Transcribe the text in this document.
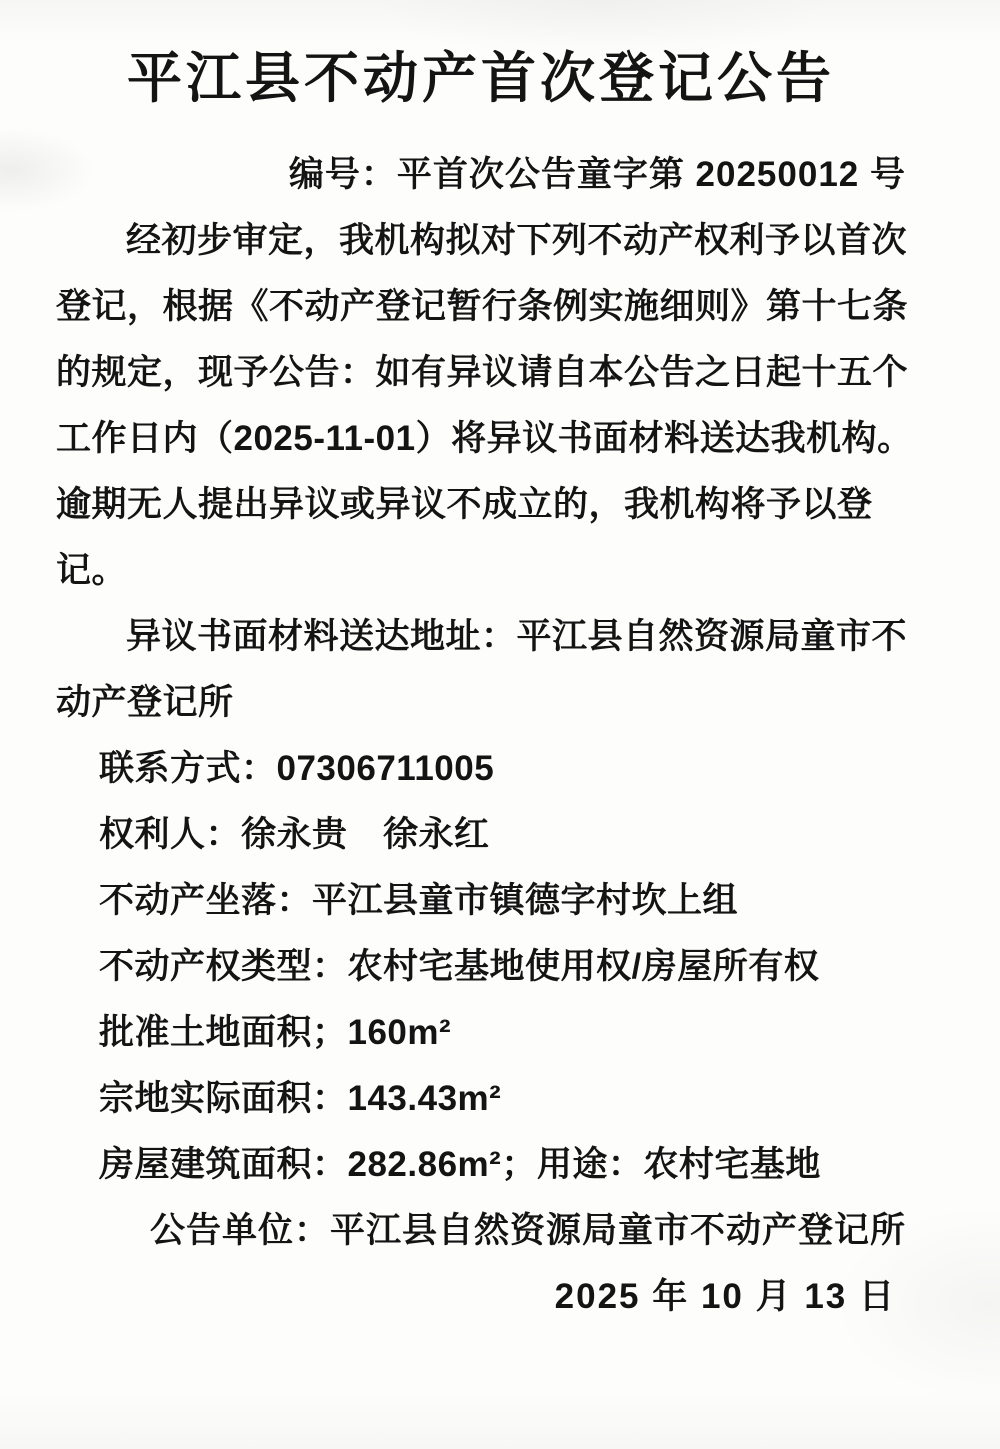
平江县不动产首次登记公告
编号：平首次公告童字第 20250012 号
经初步审定，我机构拟对下列不动产权利予以首次
登记，根据《不动产登记暂行条例实施细则》第十七条
的规定，现予公告：如有异议请自本公告之日起十五个
工作日内（2025-11-01）将异议书面材料送达我机构。
逾期无人提出异议或异议不成立的，我机构将予以登
记。
异议书面材料送达地址：平江县自然资源局童市不
动产登记所
联系方式：07306711005
权利人：徐永贵　徐永红
不动产坐落：平江县童市镇德字村坎上组
不动产权类型：农村宅基地使用权/房屋所有权
批准土地面积；160m²
宗地实际面积：143.43m²
房屋建筑面积：282.86m²；用途：农村宅基地
公告单位：平江县自然资源局童市不动产登记所
2025 年 10 月 13 日
